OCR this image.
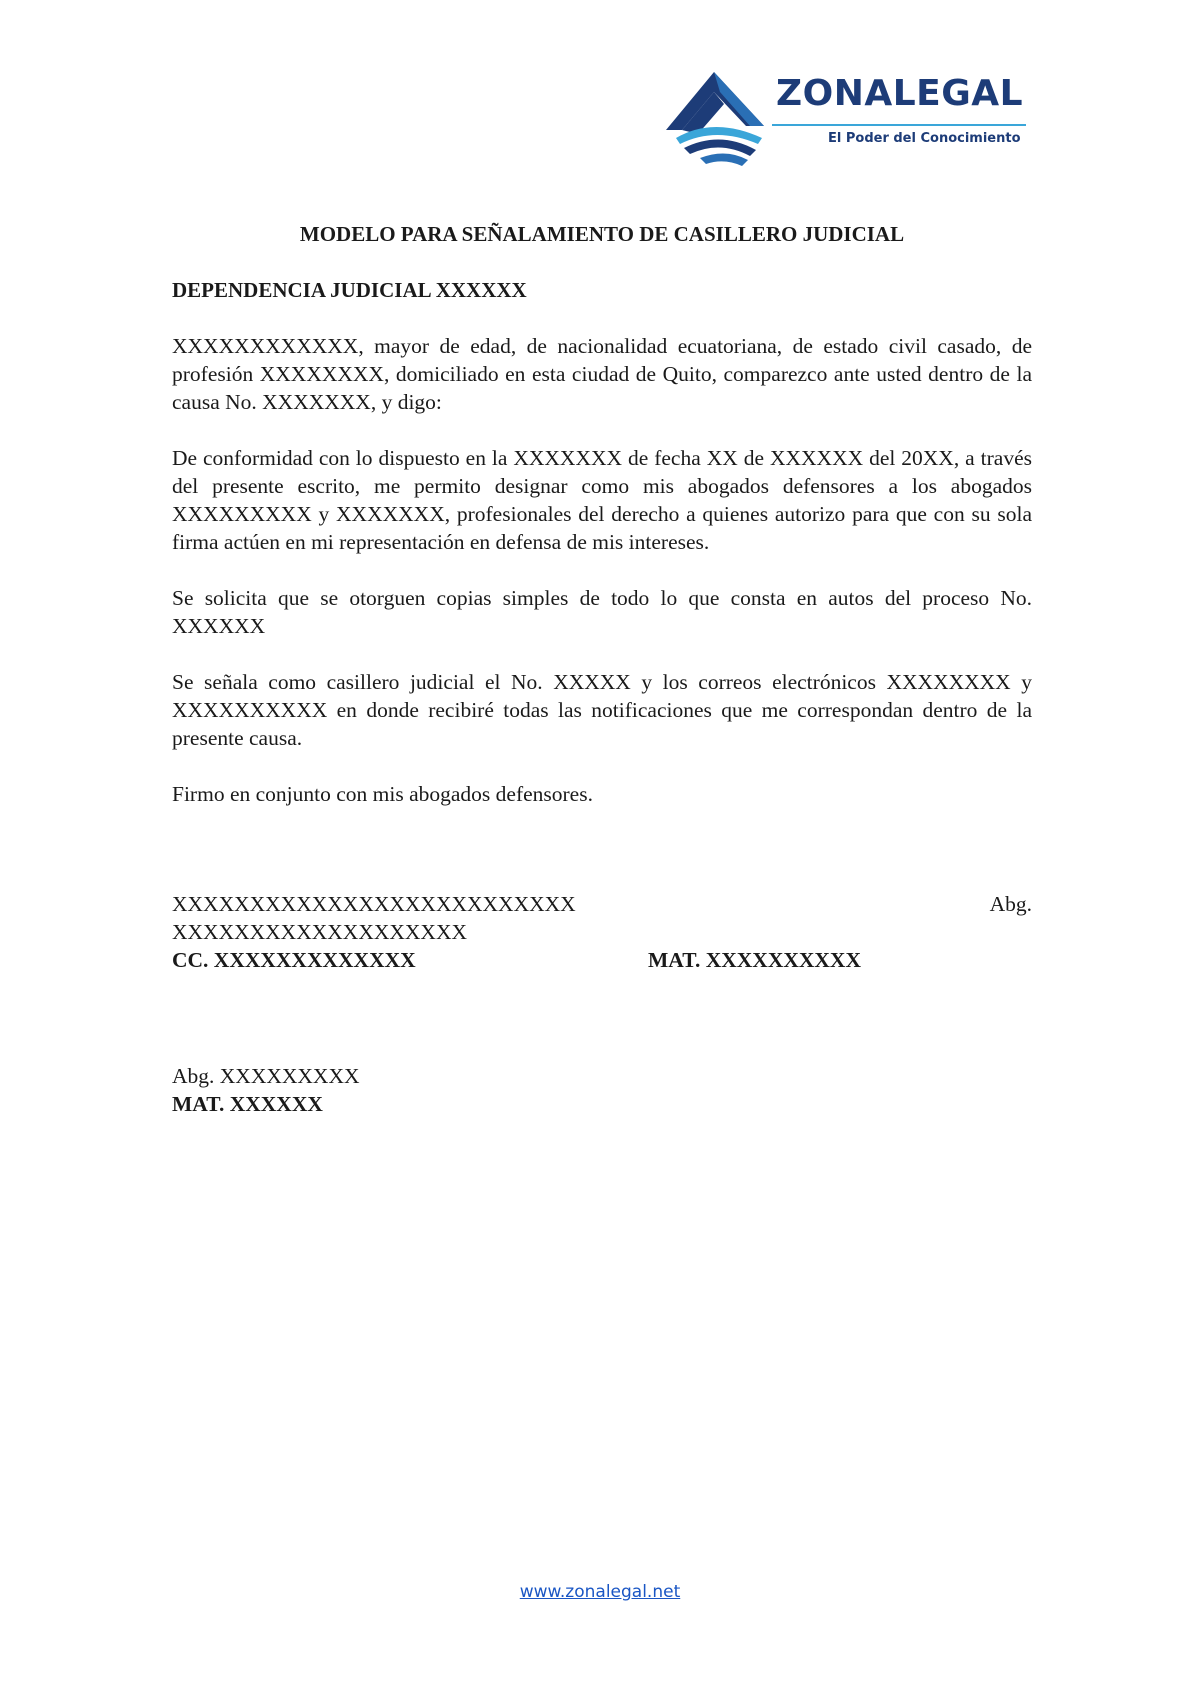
ZONALEGAL
El Poder del Conocimiento

MODELO PARA SEÑALAMIENTO DE CASILLERO JUDICIAL

DEPENDENCIA JUDICIAL XXXXXX

XXXXXXXXXXXX, mayor de edad, de nacionalidad ecuatoriana, de estado civil casado, de profesión XXXXXXXX, domiciliado en esta ciudad de Quito, comparezco ante usted dentro de la causa No. XXXXXXX, y digo:

De conformidad con lo dispuesto en la XXXXXXX de fecha XX de XXXXXX del 20XX, a través del presente escrito, me permito designar como mis abogados defensores a los abogados XXXXXXXXX y XXXXXXX, profesionales del derecho a quienes autorizo para que con su sola firma actúen en mi representación en defensa de mis intereses.

Se solicita que se otorguen copias simples de todo lo que consta en autos del proceso No. XXXXXX

Se señala como casillero judicial el No. XXXXX y los correos electrónicos XXXXXXXX y XXXXXXXXXX en donde recibiré todas las notificaciones que me correspondan dentro de la presente causa.

Firmo en conjunto con mis abogados defensores.

XXXXXXXXXXXXXXXXXXXXXXXXXX	Abg.

XXXXXXXXXXXXXXXXXXX

CC. XXXXXXXXXXXXX	MAT. XXXXXXXXXX
Abg. XXXXXXXXX
MAT. XXXXXX
www.zonalegal.net
